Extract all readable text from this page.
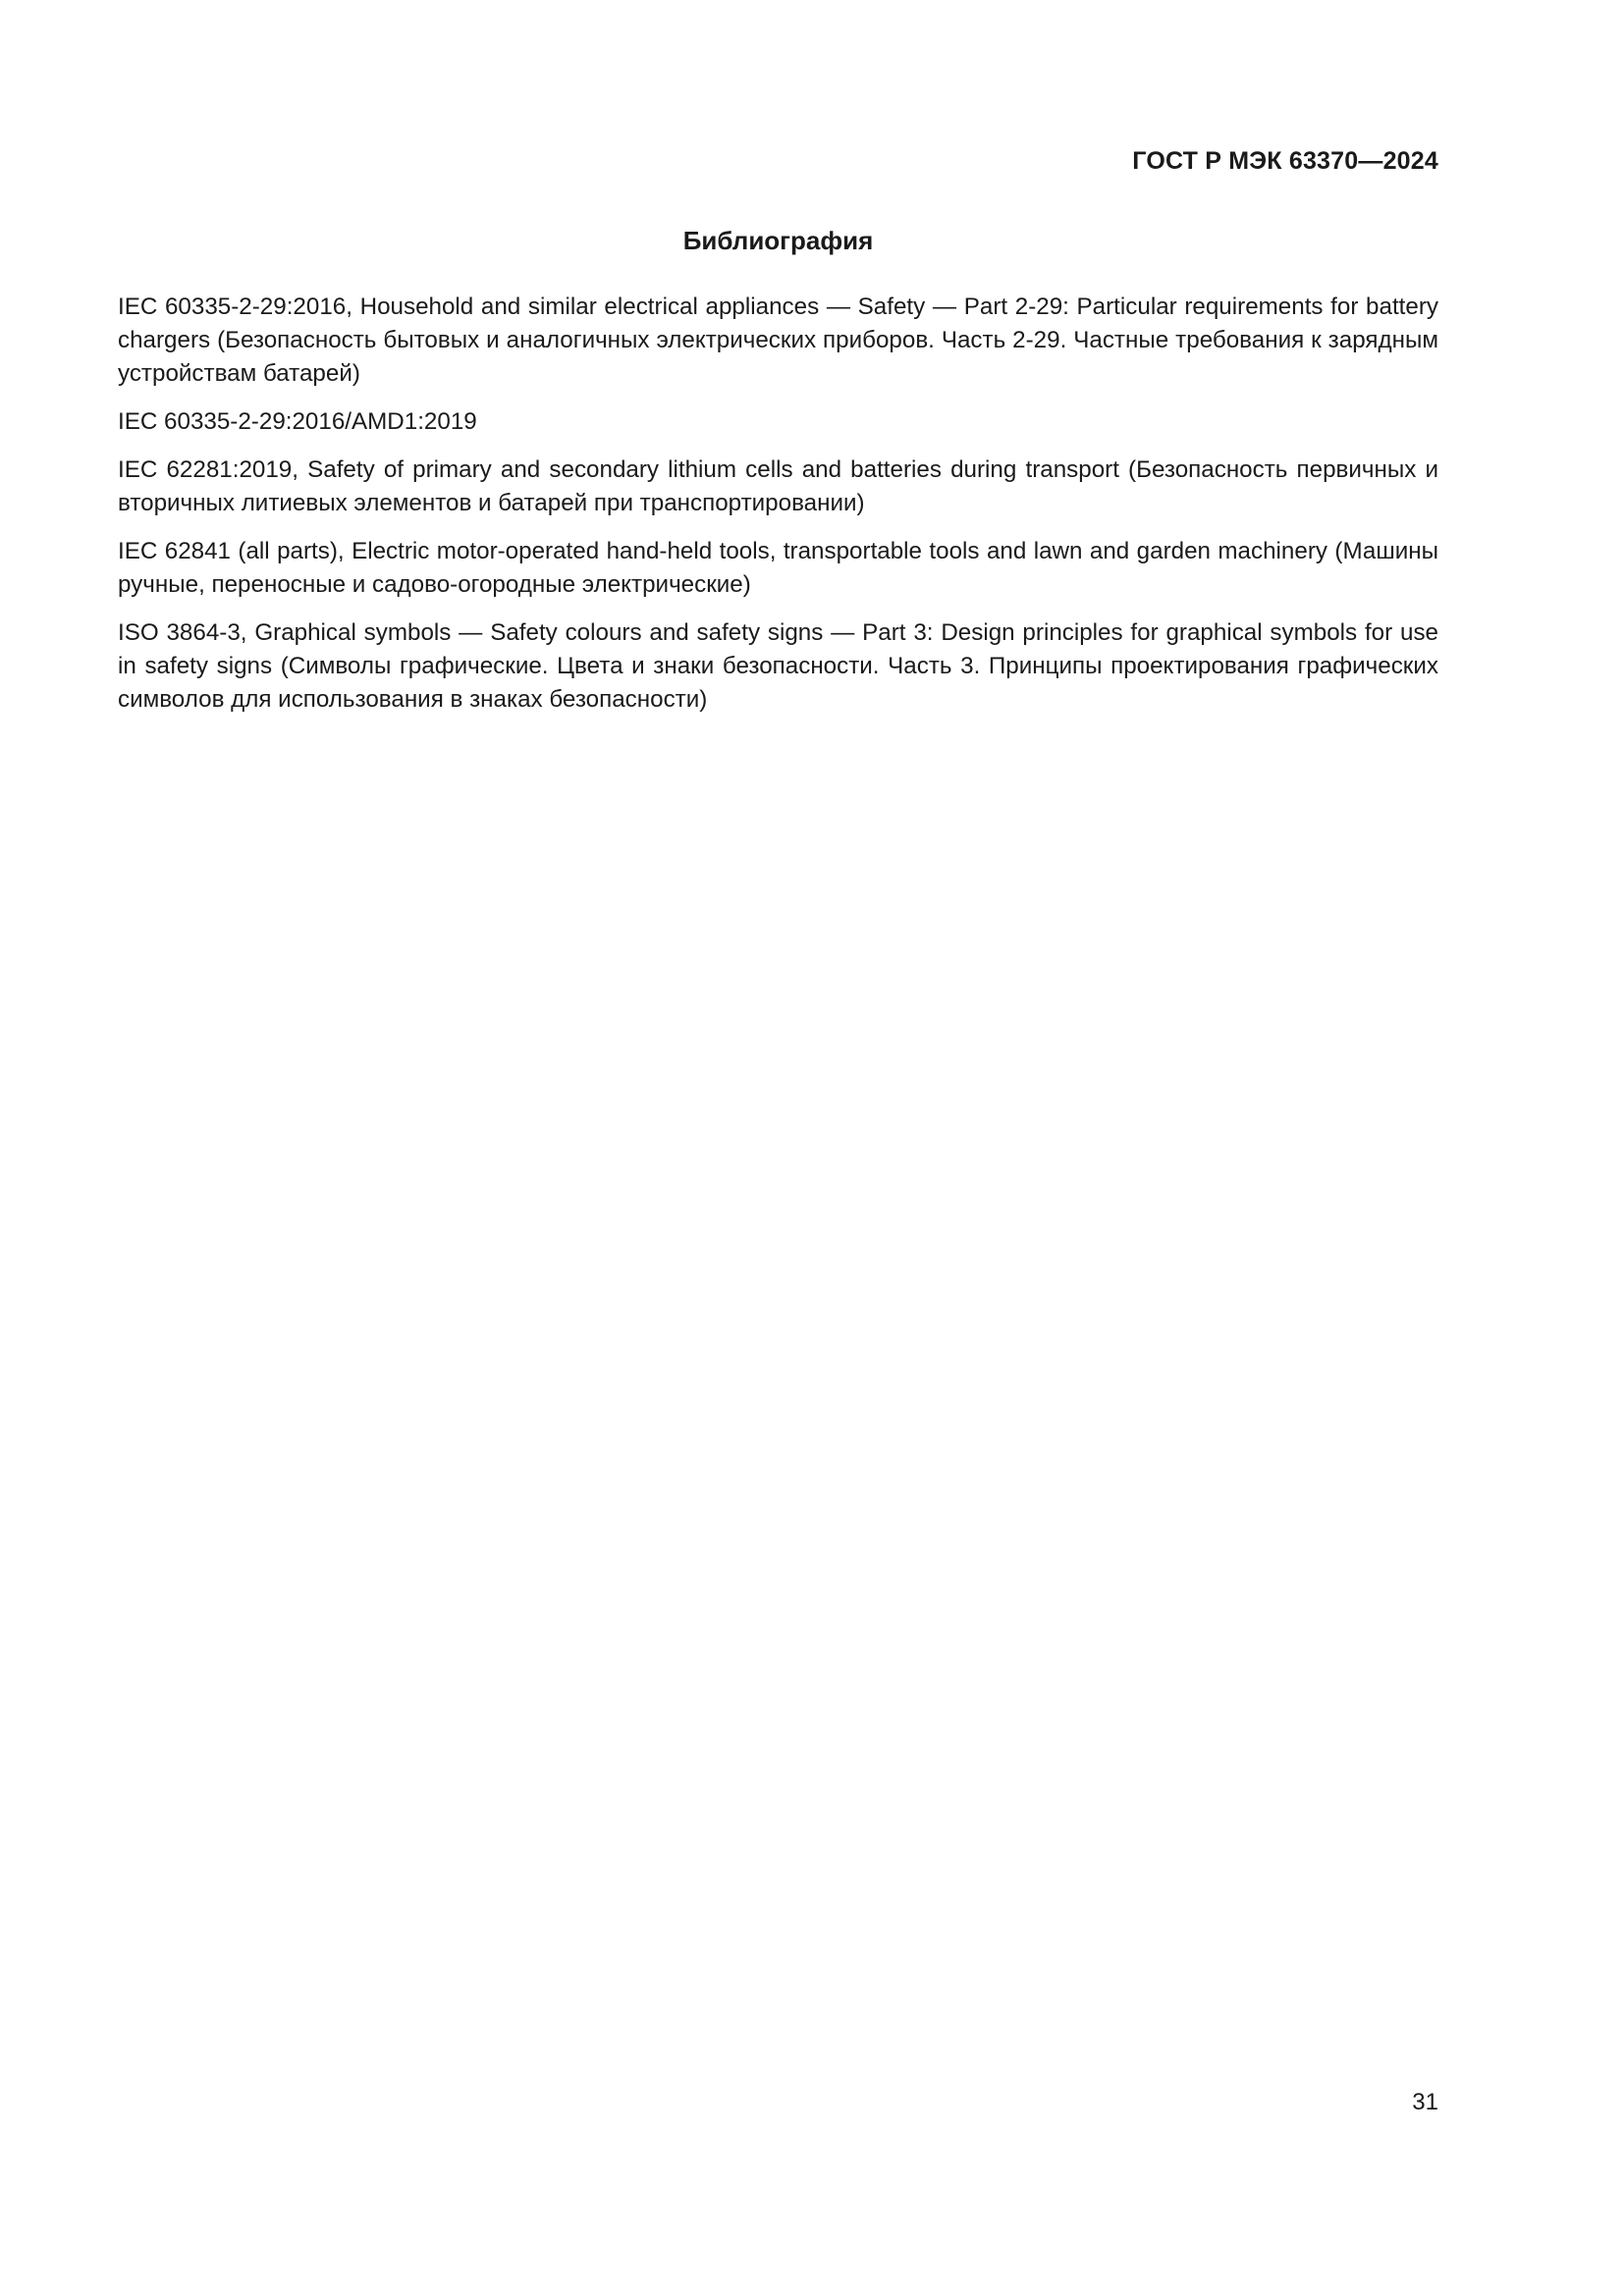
ГОСТ Р МЭК 63370—2024
Библиография
IEC 60335-2-29:2016, Household and similar electrical appliances — Safety — Part 2-29: Particular requirements for battery chargers (Безопасность бытовых и аналогичных электрических приборов. Часть 2-29. Частные требования к зарядным устройствам батарей)
IEC 60335-2-29:2016/AMD1:2019
IEC 62281:2019, Safety of primary and secondary lithium cells and batteries during transport (Безопасность первичных и вторичных литиевых элементов и батарей при транспортировании)
IEC 62841 (all parts), Electric motor-operated hand-held tools, transportable tools and lawn and garden machinery (Машины ручные, переносные и садово-огородные электрические)
ISO 3864-3, Graphical symbols — Safety colours and safety signs — Part 3: Design principles for graphical symbols for use in safety signs (Символы графические. Цвета и знаки безопасности. Часть 3. Принципы проектирования графических символов для использования в знаках безопасности)
31
